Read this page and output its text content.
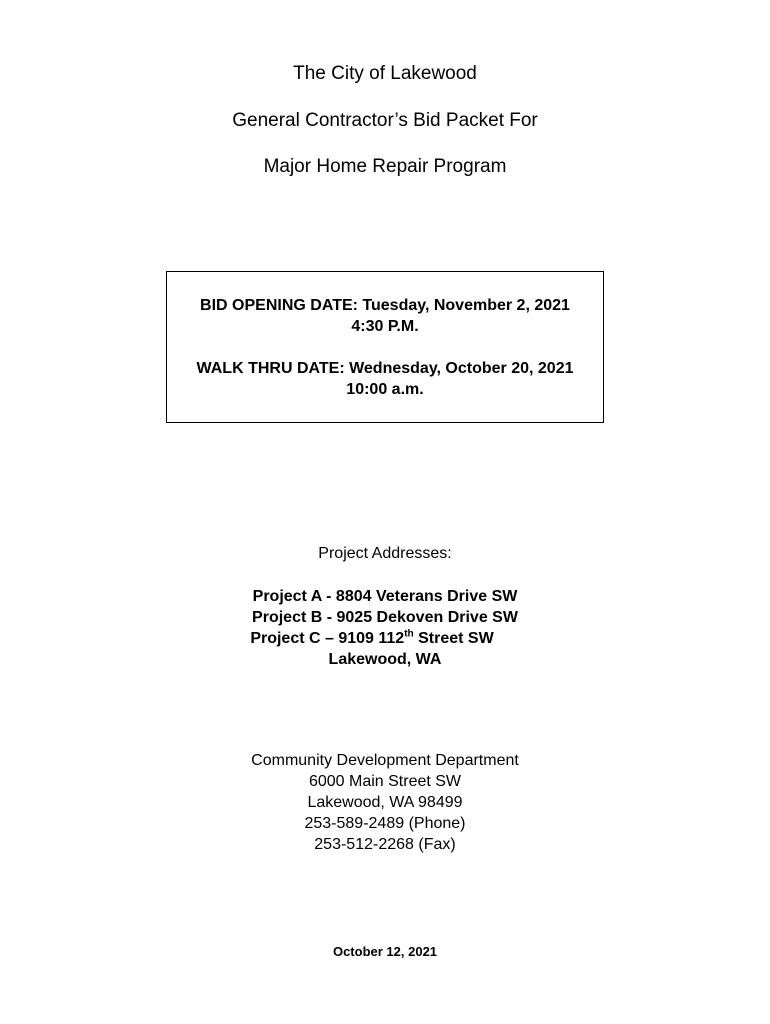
The City of Lakewood
General Contractor’s Bid Packet For
Major Home Repair Program
BID OPENING DATE: Tuesday, November 2, 2021
4:30 P.M.
WALK THRU DATE: Wednesday, October 20, 2021
10:00 a.m.
Project Addresses:
Project A - 8804 Veterans Drive SW
Project B - 9025 Dekoven Drive SW
Project C – 9109 112th Street SW
Lakewood, WA
Community Development Department
6000 Main Street SW
Lakewood, WA 98499
253-589-2489 (Phone)
253-512-2268 (Fax)
October 12, 2021
